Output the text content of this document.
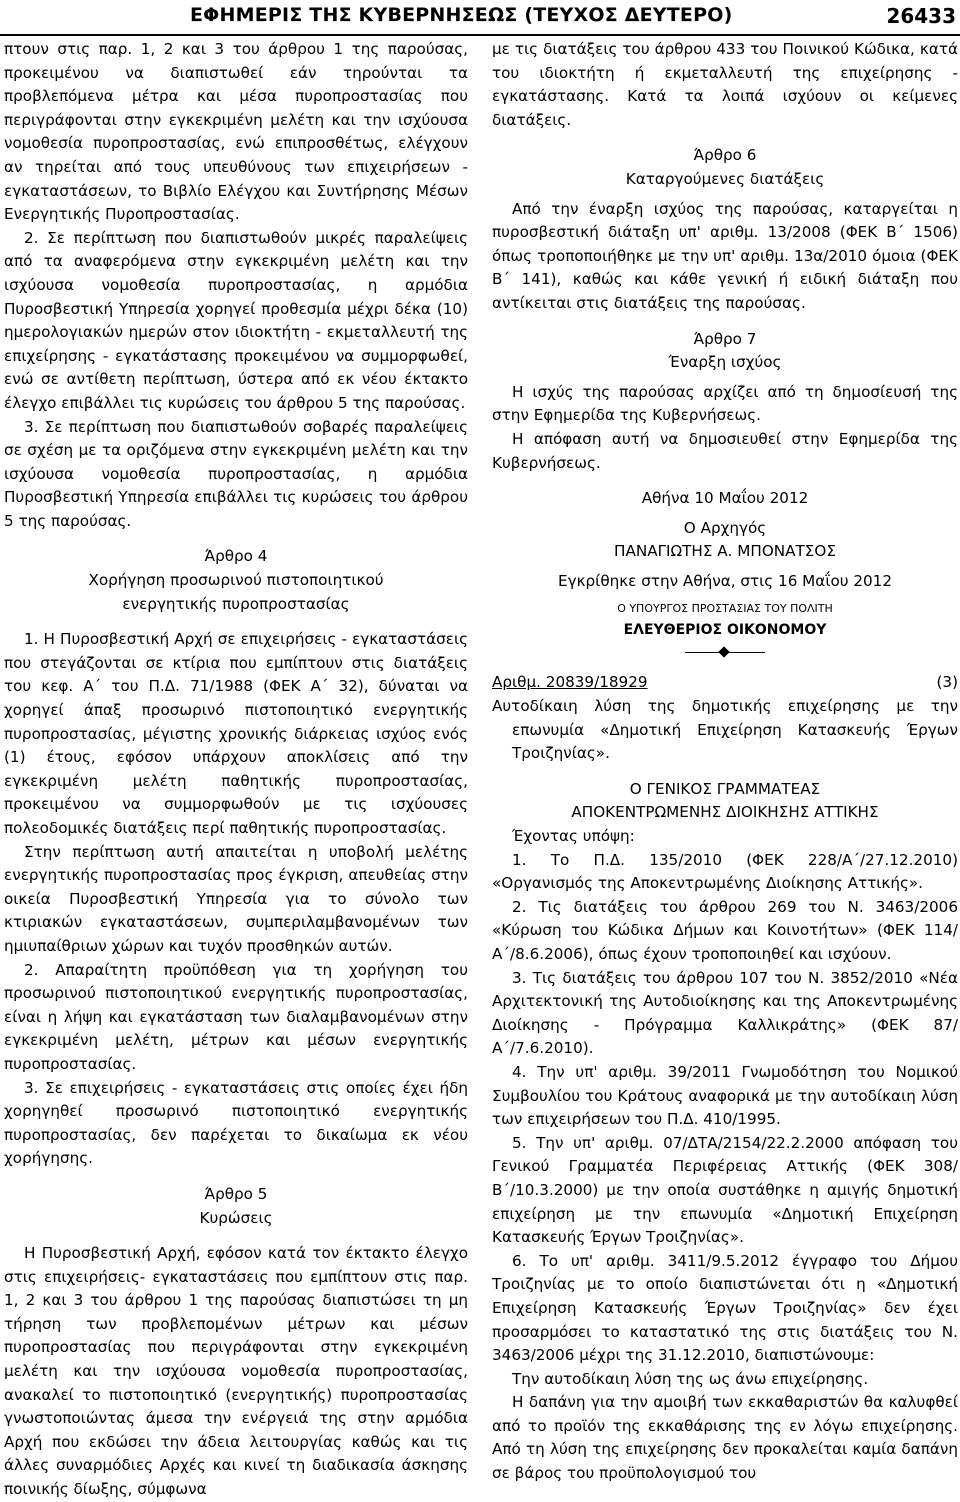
ΕΦΗΜΕΡΙΣ ΤΗΣ ΚΥΒΕΡΝΗΣΕΩΣ (ΤΕΥΧΟΣ ΔΕΥΤΕΡΟ)	26433

πτουν στις παρ. 1, 2 και 3 του άρθρου 1 της παρούσας, προκειμένου να διαπιστωθεί εάν τηρούνται τα προβλεπόμενα μέτρα και μέσα πυροπροστασίας που περιγράφονται στην εγκεκριμένη μελέτη και την ισχύουσα νομοθεσία πυροπροστασίας, ενώ επιπροσθέτως, ελέγχουν αν τηρείται από τους υπευθύνους των επιχειρήσεων - εγκαταστάσεων, το Βιβλίο Ελέγχου και Συντήρησης Μέσων Ενεργητικής Πυροπροστασίας.

2. Σε περίπτωση που διαπιστωθούν μικρές παραλείψεις από τα αναφερόμενα στην εγκεκριμένη μελέτη και την ισχύουσα νομοθεσία πυροπροστασίας, η αρμόδια Πυροσβεστική Υπηρεσία χορηγεί προθεσμία μέχρι δέκα (10) ημερολογιακών ημερών στον ιδιοκτήτη - εκμεταλλευτή της επιχείρησης - εγκατάστασης προκειμένου να συμμορφωθεί, ενώ σε αντίθετη περίπτωση, ύστερα από εκ νέου έκτακτο έλεγχο επιβάλλει τις κυρώσεις του άρθρου 5 της παρούσας.

3. Σε περίπτωση που διαπιστωθούν σοβαρές παραλείψεις σε σχέση με τα οριζόμενα στην εγκεκριμένη μελέτη και την ισχύουσα νομοθεσία πυροπροστασίας, η αρμόδια Πυροσβεστική Υπηρεσία επιβάλλει τις κυρώσεις του άρθρου 5 της παρούσας.

Άρθρο 4

Χορήγηση προσωρινού πιστοποιητικού

ενεργητικής πυροπροστασίας

1. Η Πυροσβεστική Αρχή σε επιχειρήσεις - εγκαταστάσεις που στεγάζονται σε κτίρια που εμπίπτουν στις διατάξεις του κεφ. Α΄ του Π.Δ. 71/1988 (ΦΕΚ Α΄ 32), δύναται να χορηγεί άπαξ προσωρινό πιστοποιητικό ενεργητικής πυροπροστασίας, μέγιστης χρονικής διάρκειας ισχύος ενός (1) έτους, εφόσον υπάρχουν αποκλίσεις από την εγκεκριμένη μελέτη παθητικής πυροπροστασίας, προκειμένου να συμμορφωθούν με τις ισχύουσες πολεοδομικές διατάξεις περί παθητικής πυροπροστασίας.

Στην περίπτωση αυτή απαιτείται η υποβολή μελέτης ενεργητικής πυροπροστασίας προς έγκριση, απευθείας στην οικεία Πυροσβεστική Υπηρεσία για το σύνολο των κτιριακών εγκαταστάσεων, συμπεριλαμβανομένων των ημιυπαίθριων χώρων και τυχόν προσθηκών αυτών.

2. Απαραίτητη προϋπόθεση για τη χορήγηση του προσωρινού πιστοποιητικού ενεργητικής πυροπροστασίας, είναι η λήψη και εγκατάσταση των διαλαμβανομένων στην εγκεκριμένη μελέτη, μέτρων και μέσων ενεργητικής πυροπροστασίας.

3. Σε επιχειρήσεις - εγκαταστάσεις στις οποίες έχει ήδη χορηγηθεί προσωρινό πιστοποιητικό ενεργητικής πυροπροστασίας, δεν παρέχεται το δικαίωμα εκ νέου χορήγησης.

Άρθρο 5

Κυρώσεις

Η Πυροσβεστική Αρχή, εφόσον κατά τον έκτακτο έλεγχο στις επιχειρήσεις- εγκαταστάσεις που εμπίπτουν στις παρ. 1, 2 και 3 του άρθρου 1 της παρούσας διαπιστώσει τη μη τήρηση των προβλεπομένων μέτρων και μέσων πυροπροστασίας που περιγράφονται στην εγκεκριμένη μελέτη και την ισχύουσα νομοθεσία πυροπροστασίας, ανακαλεί το πιστοποιητικό (ενεργητικής) πυροπροστασίας γνωστοποιώντας άμεσα την ενέργειά της στην αρμόδια Αρχή που εκδώσει την άδεια λειτουργίας καθώς και τις άλλες συναρμόδιες Αρχές και κινεί τη διαδικασία άσκησης ποινικής δίωξης, σύμφωνα

με τις διατάξεις του άρθρου 433 του Ποινικού Κώδικα, κατά του ιδιοκτήτη ή εκμεταλλευτή της επιχείρησης - εγκατάστασης. Κατά τα λοιπά ισχύουν οι κείμενες διατάξεις.

Άρθρο 6

Καταργούμενες διατάξεις

Από την έναρξη ισχύος της παρούσας, καταργείται η πυροσβεστική διάταξη υπ' αριθμ. 13/2008 (ΦΕΚ Β΄ 1506) όπως τροποποιήθηκε με την υπ' αριθμ. 13α/2010 όμοια (ΦΕΚ Β΄ 141), καθώς και κάθε γενική ή ειδική διάταξη που αντίκειται στις διατάξεις της παρούσας.

Άρθρο 7

Έναρξη ισχύος

Η ισχύς της παρούσας αρχίζει από τη δημοσίευσή της στην Εφημερίδα της Κυβερνήσεως.

Η απόφαση αυτή να δημοσιευθεί στην Εφημερίδα της Κυβερνήσεως.

Αθήνα 10 Μαΐου 2012

Ο Αρχηγός

ΠΑΝΑΓΙΩΤΗΣ Α. ΜΠΟΝΑΤΣΟΣ

Εγκρίθηκε στην Αθήνα, στις 16 Μαΐου 2012

Ο ΥΠΟΥΡΓΟΣ ΠΡΟΣΤΑΣΙΑΣ ΤΟΥ ΠΟΛΙΤΗ
ΕΛΕΥΘΕΡΙΟΣ ΟΙΚΟΝΟΜΟΥ
Αριθμ. 20839/18929	(3)

Αυτοδίκαιη λύση της δημοτικής επιχείρησης με την επωνυμία «Δημοτική Επιχείρηση Κατασκευής Έργων Τροιζηνίας».

Ο ΓΕΝΙΚΟΣ ΓΡΑΜΜΑΤΕΑΣ

ΑΠΟΚΕΝΤΡΩΜΕΝΗΣ ΔΙΟΙΚΗΣΗΣ ΑΤΤΙΚΗΣ

Έχοντας υπόψη:

1. Το Π.Δ. 135/2010 (ΦΕΚ 228/Α΄/27.12.2010) «Οργανισμός της Αποκεντρωμένης Διοίκησης Αττικής».

2. Τις διατάξεις του άρθρου 269 του Ν. 3463/2006 «Κύρωση του Κώδικα Δήμων και Κοινοτήτων» (ΦΕΚ 114/Α΄/8.6.2006), όπως έχουν τροποποιηθεί και ισχύουν.

3. Τις διατάξεις του άρθρου 107 του Ν. 3852/2010 «Νέα Αρχιτεκτονική της Αυτοδιοίκησης και της Αποκεντρωμένης Διοίκησης - Πρόγραμμα Καλλικράτης» (ΦΕΚ 87/Α΄/7.6.2010).

4. Την υπ' αριθμ. 39/2011 Γνωμοδότηση του Νομικού Συμβουλίου του Κράτους αναφορικά με την αυτοδίκαιη λύση των επιχειρήσεων του Π.Δ. 410/1995.

5. Την υπ' αριθμ. 07/ΔΤΑ/2154/22.2.2000 απόφαση του Γενικού Γραμματέα Περιφέρειας Αττικής (ΦΕΚ 308/Β΄/10.3.2000) με την οποία συστάθηκε η αμιγής δημοτική επιχείρηση με την επωνυμία «Δημοτική Επιχείρηση Κατασκευής Έργων Τροιζηνίας».

6. Το υπ' αριθμ. 3411/9.5.2012 έγγραφο του Δήμου Τροιζηνίας με το οποίο διαπιστώνεται ότι η «Δημοτική Επιχείρηση Κατασκευής Έργων Τροιζηνίας» δεν έχει προσαρμόσει το καταστατικό της στις διατάξεις του Ν. 3463/2006 μέχρι της 31.12.2010, διαπιστώνουμε:

Την αυτοδίκαιη λύση της ως άνω επιχείρησης.

Η δαπάνη για την αμοιβή των εκκαθαριστών θα καλυφθεί από το προϊόν της εκκαθάρισης της εν λόγω επιχείρησης. Από τη λύση της επιχείρησης δεν προκαλείται καμία δαπάνη σε βάρος του προϋπολογισμού του
